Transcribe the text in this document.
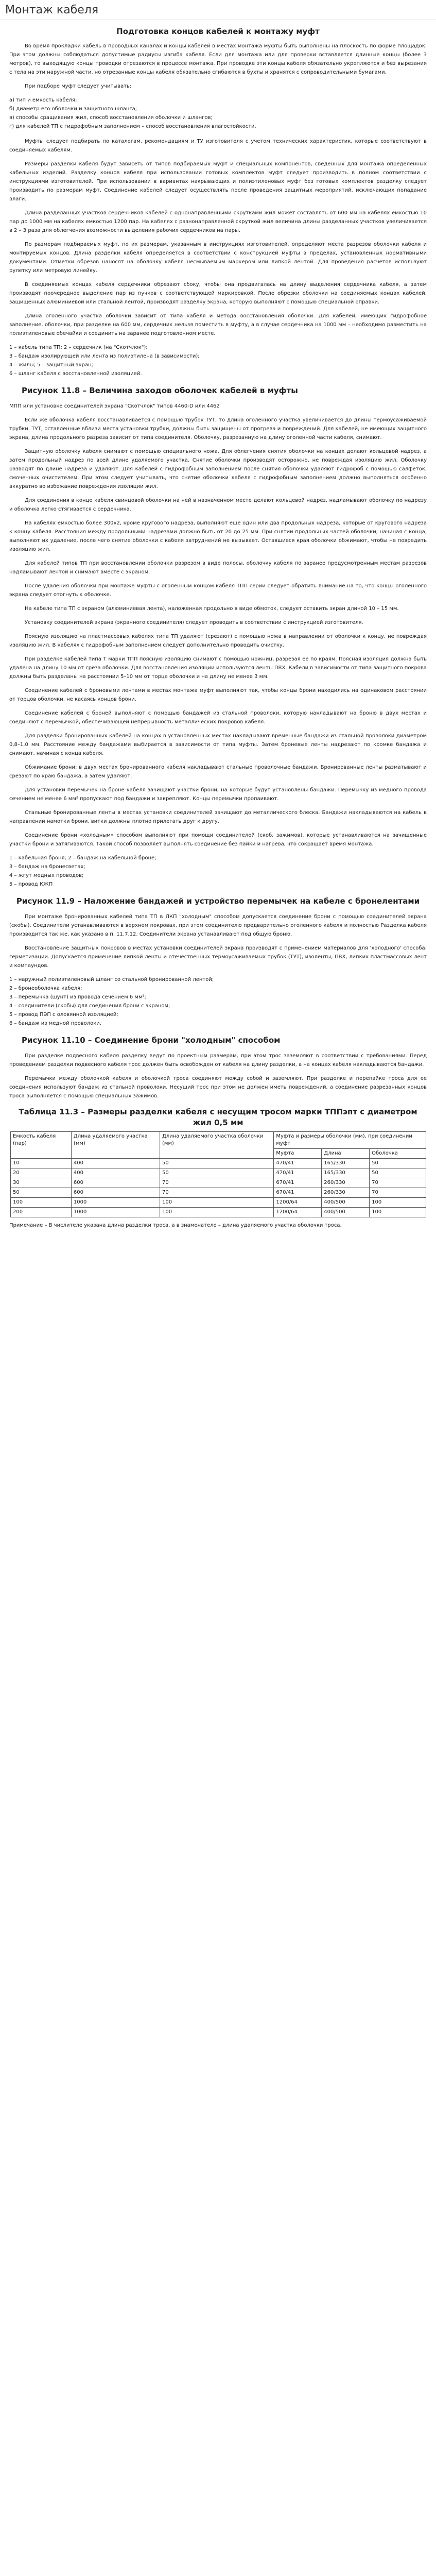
Монтаж кабеля
Подготовка концов кабелей к монтажу муфт

Во время прокладки кабель в проводных каналах и концы кабелей в местах монтажа муфты быть выполнены на плоскость по форме площадок. При этом должны соблюдаться допустимые радиусы изгиба кабеля. Если для монтажа или для проверки вставляется длинные концы (более 3 метров), то выходящую концы проводки отрезаются в процессе монтажа. При проводке эти концы кабеля обязательно укрепляются и без вырезания с тела на эти наружной части, но отрезанные концы кабеля обязательно сгибаются в бухты и хранятся с сопроводительными бумагами.

При подборе муфт следует учитывать:

а) тип и емкость кабеля;
б) диаметр его оболочки и защитного шланга;
в) способы сращивания жил, способ восстановления оболочки и шлангов;
г) для кабелей ТП с гидрофобным заполнением – способ восстановления влагостойкости.

Муфты следует подбирать по каталогам, рекомендациям и ТУ изготовителя с учетом технических характеристик, которые соответствуют в соединяемых кабелям.

Размеры разделки кабеля будут зависеть от типов подбираемых муфт и специальных компонентов, сведенных для монтажа определенных кабельных изделий. Разделку концов кабеля при использовании готовых комплектов муфт следует производить в полном соответствии с инструкциями изготовителей. При использовании в вариантах накрывающих и полиэтиленовых муфт без готовых комплектов разделку следует производить по размерам муфт. Соединение кабелей следует осуществлять после проведения защитных мероприятий, исключающих попадание влаги.

Длина разделанных участков сердечников кабелей с однонаправленными скрутками жил может составлять от 600 мм на кабелях емкостью 10 пар до 1000 мм на кабелях емкостью 1200 пар. На кабелях с разнонаправленной скруткой жил величина длины разделанных участков увеличивается в 2 – 3 раза для облегчения возможности выделения рабочих сердечников на пары.

По размерам подбираемых муфт, по их размерам, указанным в инструкциях изготовителей, определяют места разрезов оболочки кабеля и монтируемых концов. Длина разделки кабеля определяется в соответствии с конструкцией муфты в пределах, установленных нормативными документами. Отметки обрезов наносят на оболочку кабеля несмываемым маркером или липкой лентой. Для проведения расчетов используют рулетку или метровую линейку.

В соединяемых концах кабеля сердечники обрезают сбоку, чтобы она продвигалась на длину выделения сердечника кабеля, а затем производят поочередное выделение пар из пучков с соответствующей маркировкой. После обрезки оболочки на соединяемых концах кабелей, защищенных алюминиевой или стальной лентой, производят разделку экрана, которую выполняют с помощью специальной оправки.

Длина оголенного участка оболочки зависит от типа кабеля и метода восстановления оболочки. Для кабелей, имеющих гидрофобное заполнение, оболочки, при разделке на 600 мм, сердечник нельзя поместить в муфту, а в случае сердечника на 1000 мм – необходимо разместить на полиэтиленовые обечайки и соединить на заранее подготовленном месте.

1 – кабель типа ТП; 2 – сердечник (на "Скотчлок");
3 – бандаж изолирующей или лента из полиэтилена (в зависимости);
4 – жилы; 5 – защитный экран;
6 – шланг кабеля с восстановленной изоляцией.
Рисунок 11.8 – Величина заходов оболочек кабелей в муфты

МПП или установке соединителей экрана "Скотчлок" типов 4460-D или 4462

Если же оболочка кабеля восстанавливается с помощью трубок ТУТ, то длина оголенного участка увеличивается до длины термоусаживаемой трубки. ТУТ, оставленные вблизи места установки трубки, должны быть защищены от прогрева и повреждений. Для кабелей, не имеющих защитного экрана, длина продольного разреза зависит от типа соединителя. Оболочку, разрезанную на длину оголенной части кабеля, снимают.

Защитную оболочку кабеля снимают с помощью специального ножа. Для облегчения снятия оболочки на концах делают кольцевой надрез, а затем продольный надрез по всей длине удаляемого участка. Снятие оболочки производят осторожно, не повреждая изоляцию жил. Оболочку разводят по длине надреза и удаляют. Для кабелей с гидрофобным заполнением после снятия оболочки удаляют гидрофоб с помощью салфеток, смоченных очистителем. При этом следует учитывать, что снятие оболочки кабеля с гидрофобным заполнением должно выполняться особенно аккуратно во избежание повреждения изоляции жил.

Для соединения в конце кабеля свинцовой оболочки на ней в назначенном месте делают кольцевой надрез, надламывают оболочку по надрезу и оболочка легко стягивается с сердечника.

На кабелях емкостью более 300х2, кроме кругового надреза, выполняют еще один или два продольных надреза, которые от кругового надреза к концу кабеля. Расстояния между продольными надрезами должно быть от 20 до 25 мм. При снятии продольных частей оболочки, начиная с конца, выполняют их удаление, после чего снятие оболочки с кабеля затруднений не вызывает. Оставшиеся края оболочки обжимают, чтобы не повредить изоляцию жил.

Для кабелей типов ТП при восстановлении оболочки разрезом в виде полосы, оболочку кабеля по заранее предусмотренным местам разрезов надламывают лентой и снимают вместе с экраном.

После удаления оболочки при монтаже муфты с оголенным концом кабеля ТПП серии следует обратить внимание на то, что концы оголенного экрана следует отогнуть к оболочке.

На кабеле типа ТП с экраном (алюминиевая лента), наложенная продольно в виде обмоток, следует оставить экран длиной 10 – 15 мм.

Установку соединителей экрана (экранного соединителя) следует проводить в соответствии с инструкцией изготовителя.

Поясную изоляцию на пластмассовых кабелях типа ТП удаляют (срезают) с помощью ножа в направлении от оболочки к концу, не повреждая изоляцию жил. В кабелях с гидрофобным заполнением следует дополнительно проводить очистку.

При разделке кабелей типа Т марки ТПП поясную изоляцию снимают с помощью ножниц, разрезая ее по краям. Поясная изоляция должна быть удалена на длину 10 мм от среза оболочки. Для восстановления изоляции используются ленты ПВХ. Кабели в зависимости от типа защитного покрова должны быть разделаны на расстоянии 5–10 мм от торца оболочки и на длину не менее 3 мм.

Соединение кабелей с броневыми лентами в местах монтажа муфт выполняют так, чтобы концы брони находились на одинаковом расстоянии от торцов оболочки, не касаясь концов брони.

Соединение кабелей с броней выполняют с помощью бандажей из стальной проволоки, которую накладывают на броню в двух местах и соединяют с перемычкой, обеспечивающей непрерывность металлических покровов кабеля.

Для разделки бронированных кабелей на концах в установленных местах накладывают временные бандажи из стальной проволоки диаметром 0,8–1,0 мм. Расстояние между бандажами выбирается в зависимости от типа муфты. Затем броневые ленты надрезают по кромке бандажа и снимают, начиная с конца кабеля.

Обжимание брони: в двух местах бронированного кабеля накладывают стальные проволочные бандажи. Бронированные ленты разматывают и срезают по краю бандажа, а затем удаляют.

Для установки перемычек на броне кабеля зачищают участки брони, на которые будут установлены бандажи. Перемычку из медного провода сечением не менее 6 мм² пропускают под бандажи и закрепляют. Концы перемычки пропаивают.

Стальные бронированные ленты в местах установки соединителей зачищают до металлического блеска. Бандажи накладываются на кабель в направлении намотки брони, витки должны плотно прилегать друг к другу.

Соединение брони «холодным» способом выполняют при помощи соединителей (скоб, зажимов), которые устанавливаются на зачищенные участки брони и затягиваются. Такой способ позволяет выполнять соединение без пайки и нагрева, что сокращает время монтажа.

1 – кабельная броня; 2 – бандаж на кабельной броне;
3 – бандаж на бронесветах;
4 – жгут медных проводов;
5 – провод КЖП
Рисунок 11.9 – Наложение бандажей и устройство перемычек на кабеле с бронелентами

При монтаже бронированных кабелей типа ТП в ЛКП "холодным" способом допускается соединение брони с помощью соединителей экрана (скобы). Соединители устанавливаются в верхнем покровах, при этом соединителю предварительно оголенного кабеля и полностью Разделка кабеля производится так же, как указано в п. 11.7.12. Соединители экрана устанавливают под общую броню.

Восстановление защитных покровов в местах установки соединителей экрана производят с применением материалов для 'холодного' способа: герметизации. Допускается применение липкой ленты и отечественных термоусаживаемых трубок (ТУТ), изоленты, ПВХ, липких пластмассовых лент и компаундов.

1 – наружный полиэтиленовый шланг со стальной бронированной лентой;
2 – бронеоболочка кабеля;
3 – перемычка (шунт) из провода сечением 6 мм²;
4 – соединители (скобы) для соединения брони с экраном;
5 – провод ПЭП с оловянной изоляцией;
6 – бандаж из медной проволоки.
Рисунок 11.10 – Соединение брони "холодным" способом

При разделке подвесного кабеля разделку ведут по проектным размерам, при этом трос заземляют в соответствии с требованиями. Перед проведением разделки подвесного кабеля трос должен быть освобожден от кабеля на длину разделки, а на концах кабеля накладываются бандажи.

Перемычки между оболочкой кабеля и оболочкой троса соединяют между собой и заземляют. При разделке и перепайке троса для ее соединения используют бандаж из стальной проволоки. Несущий трос при этом не должен иметь повреждений, а соединение разрезанных концов троса выполняется с помощью специальных зажимов.

Таблица 11.3 – Размеры разделки кабеля с несущим тросом марки ТППэпт с диаметром жил 0,5 мм
Емкость кабеля (пар)	Длина удаляемого участка (мм)	Длина удаляемого участка оболочки (мм)	Муфта и размеры оболочки (мм), при соединении муфт		
			Муфта	Длина	Оболочка
10	400	50	470/41	165/330	50
20	400	50	470/41	165/330	50
30	600	70	670/41	260/330	70
50	600	70	670/41	260/330	70
100	1000	100	1200/64	400/500	100
200	1000	100	1200/64	400/500	100
Примечание – В числителе указана длина разделки троса, а в знаменателе – длина удаляемого участка оболочки троса.
